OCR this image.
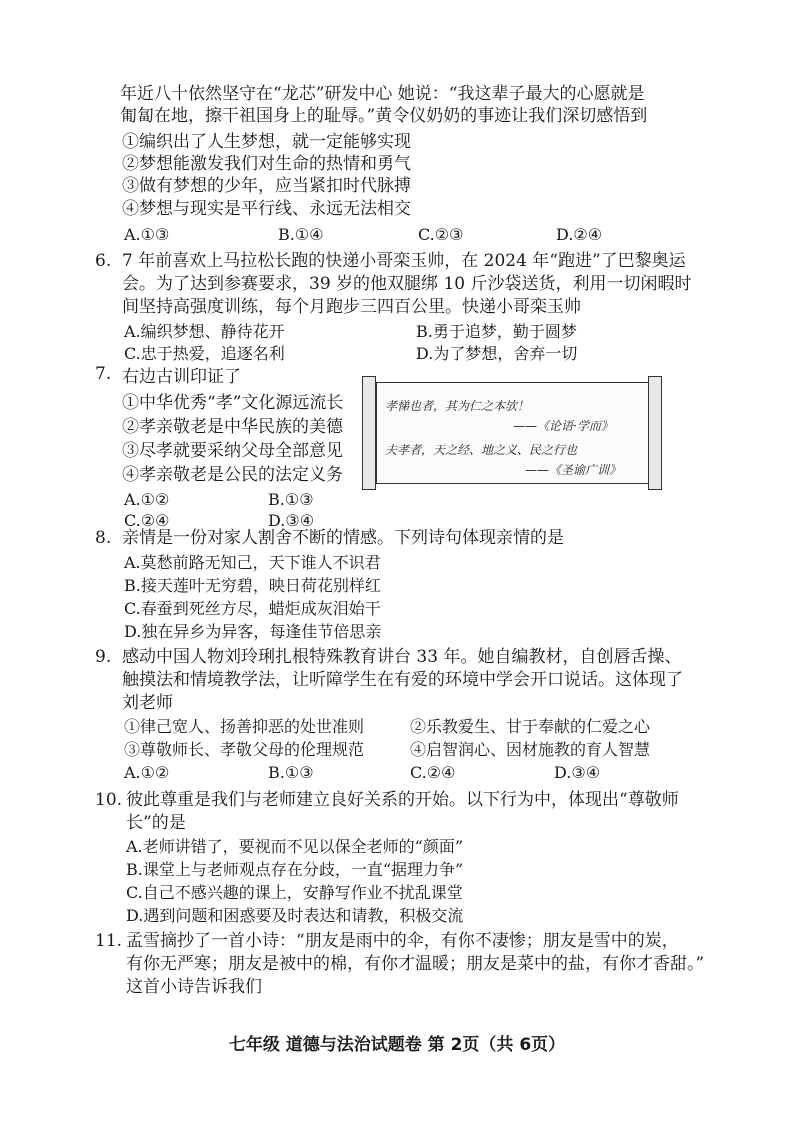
年近八十依然坚守在“龙芯”研发中心 她说：“我这辈子最大的心愿就是
匍匐在地，擦干祖国身上的耻辱。”黄令仪奶奶的事迹让我们深切感悟到
①编织出了人生梦想，就一定能够实现
②梦想能激发我们对生命的热情和勇气
③做有梦想的少年，应当紧扣时代脉搏
④梦想与现实是平行线、永远无法相交
A.①③	B.①④	C.②③	D.②④
6. 7 年前喜欢上马拉松长跑的快递小哥栾玉帅，在 2024 年“跑进”了巴黎奥运
会。为了达到参赛要求，39 岁的他双腿绑 10 斤沙袋送货，利用一切闲暇时
间坚持高强度训练，每个月跑步三四百公里。快递小哥栾玉帅
A.编织梦想、静待花开	B.勇于追梦，勤于圆梦
C.忠于热爱，追逐名利	D.为了梦想，舍弃一切
7. 右边古训印证了
①中华优秀“孝”文化源远流长
②孝亲敬老是中华民族的美德
③尽孝就要采纳父母全部意见
④孝亲敬老是公民的法定义务
A.①②	B.①③
C.②④	D.③④
孝悌也者，其为仁之本欤！
——《论语·学而》
夫孝者，天之经、地之义、民之行也
——《圣谕广训》
8. 亲情是一份对家人割舍不断的情感。下列诗句体现亲情的是
A.莫愁前路无知己，天下谁人不识君
B.接天莲叶无穷碧，映日荷花别样红
C.春蚕到死丝方尽，蜡炬成灰泪始干
D.独在异乡为异客，每逢佳节倍思亲
9. 感动中国人物刘玲琍扎根特殊教育讲台 33 年。她自编教材，自创唇舌操、
触摸法和情境教学法，让听障学生在有爱的环境中学会开口说话。这体现了
刘老师
①律己宽人、扬善抑恶的处世准则	②乐教爱生、甘于奉献的仁爱之心
③尊敬师长、孝敬父母的伦理规范	④启智润心、因材施教的育人智慧
A.①②	B.①③	C.②④	D.③④
10. 彼此尊重是我们与老师建立良好关系的开始。以下行为中，体现出“尊敬师
长”的是
A.老师讲错了，要视而不见以保全老师的“颜面”
B.课堂上与老师观点存在分歧，一直“据理力争”
C.自己不感兴趣的课上，安静写作业不扰乱课堂
D.遇到问题和困惑要及时表达和请教，积极交流
11. 孟雪摘抄了一首小诗：“朋友是雨中的伞，有你不凄惨；朋友是雪中的炭，
有你无严寒；朋友是被中的棉，有你才温暖；朋友是菜中的盐，有你才香甜。”
这首小诗告诉我们
七年级 道德与法治试题卷 第 2页（共 6页）
